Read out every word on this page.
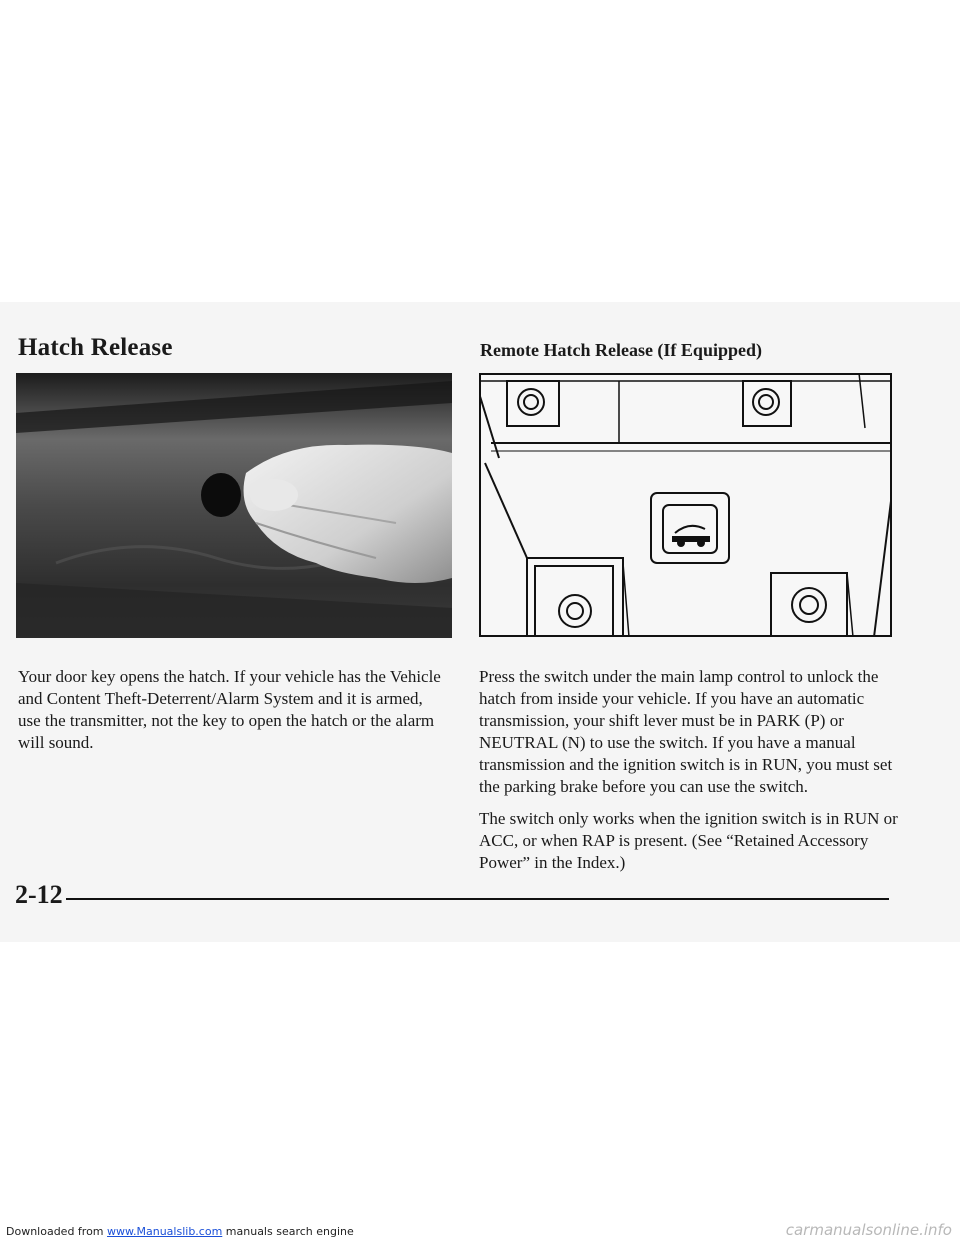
Hatch Release	Remote Hatch Release (If Equipped)

Your door key opens the hatch. If your vehicle has the Vehicle and Content Theft-Deterrent/Alarm System and it is armed, use the transmitter, not the key to open the hatch or the alarm will sound.

Press the switch under the main lamp control to unlock the hatch from inside your vehicle. If you have an automatic transmission, your shift lever must be in PARK (P) or NEUTRAL (N) to use the switch. If you have a manual transmission and the ignition switch is in RUN, you must set the parking brake before you can use the switch.

The switch only works when the ignition switch is in RUN or ACC, or when RAP is present. (See “Retained Accessory Power” in the Index.)

2-12
Downloaded from www.Manualslib.com manuals search engine	carmanualsonline.info
